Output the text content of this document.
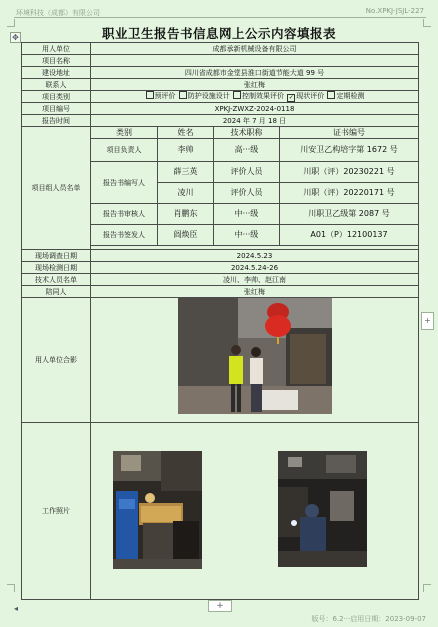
环境科技（成都）有限公司	No.XPKJ-JSJL-227
✥	职业卫生报告书信息网上公示内容填报表
用人单位	成都承新机械设备有限公司			
项目名称				
建设地址	四川省成都市金堂县淮口街道节能大道 99 号			
联系人	张红梅			
项目类别	预评价 防护设施设计 控制效果评价 ✓ 现状评价 定期检测			
项目编号	XPKJ-ZWXZ-2024-0118			
报告时间	2024 年 7 月 18 日			
项目组人员名单	类别	姓名	技术职称	证书编号
	项目负责人	李帅	高···级	川安卫乙构培字第 1672 号
	报告书编写人	薛三英	评价人员	川职（评）20230221 号
		凌川	评价人员	川职（评）20220171 号
	报告书审核人	肖鹏东	中···级	川职卫乙级第 2087 号
	报告书签发人	阎焕臣	中···级	A01（P）12100137

现场调查日期	2024.5.23			
现场检测日期	2024.5.24-26			
技术人员名单	凌川、李帅、赵江南			
陪同人	张红梅			
用人单位合影				
工作照片				
+
+
◂
版号：6.2···启用日期：2023-09-07
